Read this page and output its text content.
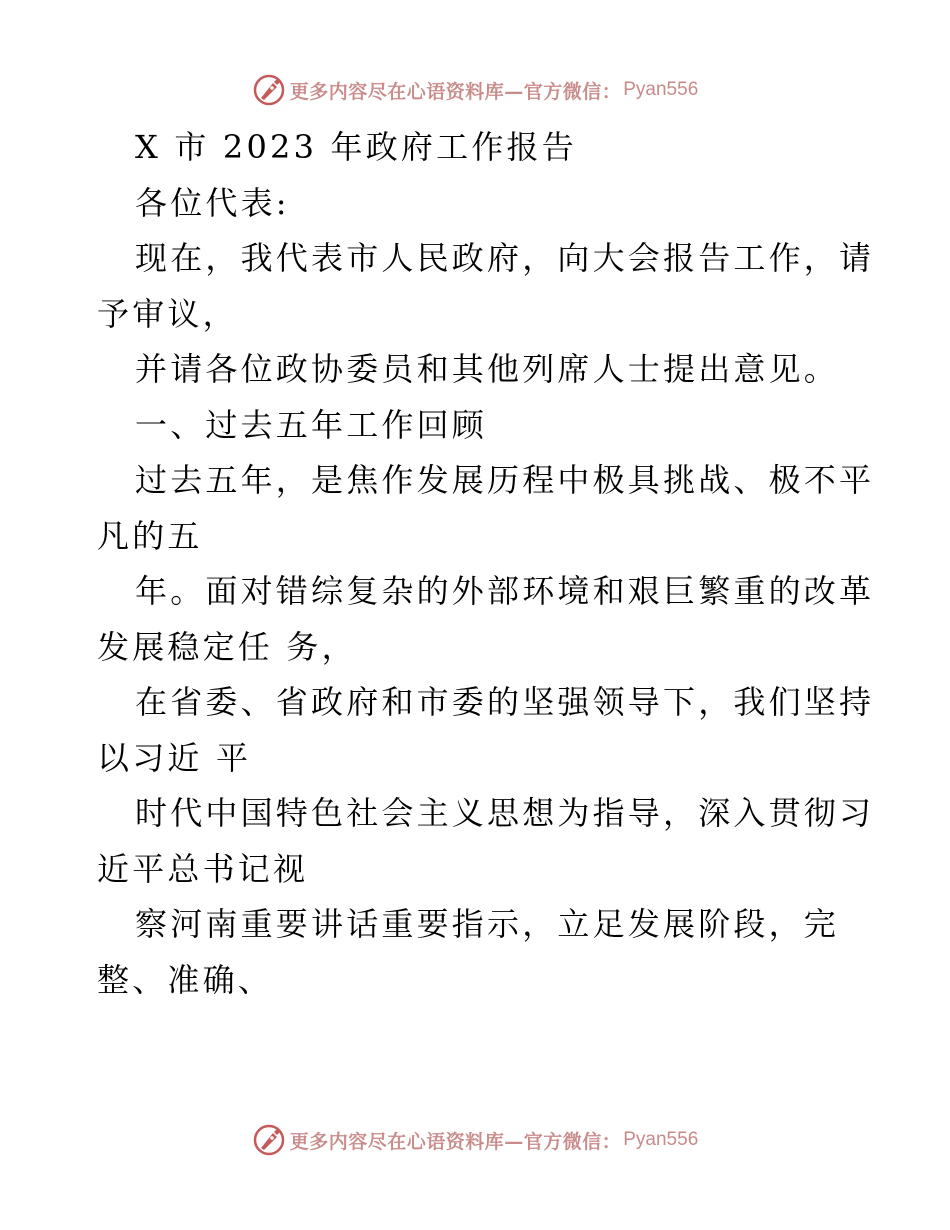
更多内容尽在心语资料库—官方微信： Pyan556

X 市 2023 年政府工作报告

各位代表:

现在，我代表市人民政府，向大会报告工作，请

予审议，

并请各位政协委员和其他列席人士提出意见。

一、过去五年工作回顾

过去五年，是焦作发展历程中极具挑战、极不平

凡的五

年。面对错综复杂的外部环境和艰巨繁重的改革

发展稳定任 务，

在省委、省政府和市委的坚强领导下，我们坚持

以习近 平

时代中国特色社会主义思想为指导，深入贯彻习

近平总书记视

察河南重要讲话重要指示，立足发展阶段，完

整、准确、

更多内容尽在心语资料库—官方微信： Pyan556
